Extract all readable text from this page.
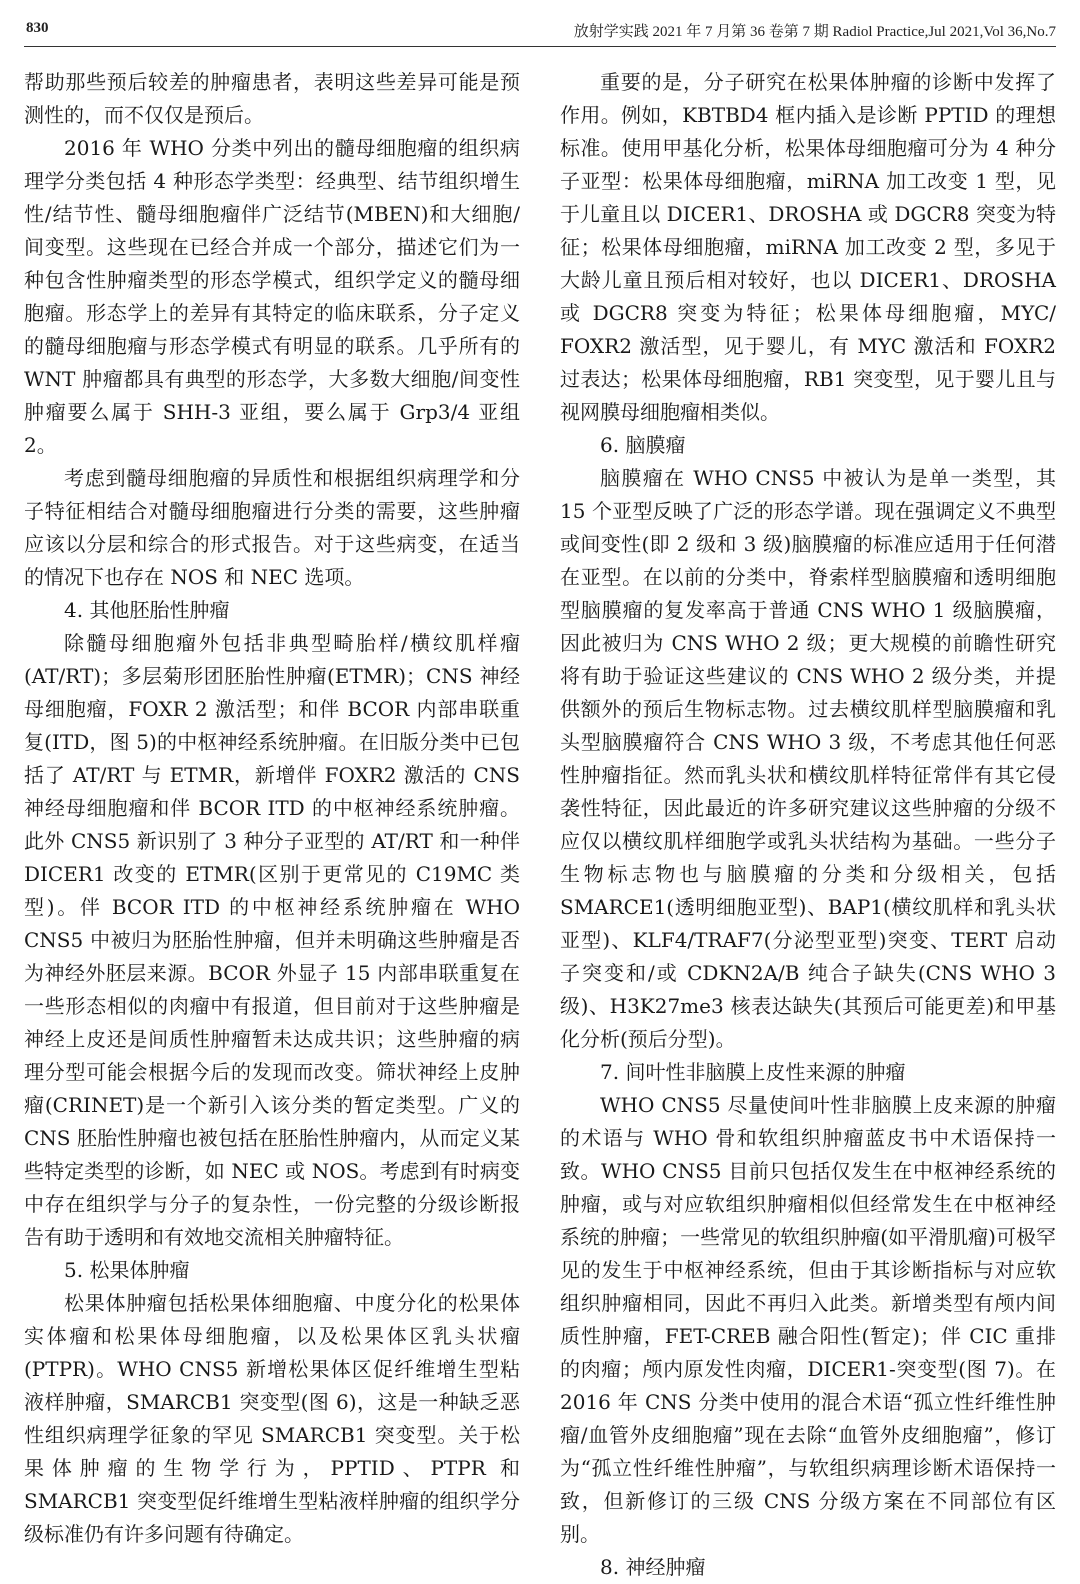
830	放射学实践 2021 年 7 月第 36 卷第 7 期 Radiol Practice,Jul 2021,Vol 36,No.7

帮助那些预后较差的肿瘤患者，表明这些差异可能是预测性的，而不仅仅是预后。

2016 年 WHO 分类中列出的髓母细胞瘤的组织病理学分类包括 4 种形态学类型：经典型、结节组织增生性/结节性、髓母细胞瘤伴广泛结节(MBEN)和大细胞/间变型。这些现在已经合并成一个部分，描述它们为一种包含性肿瘤类型的形态学模式，组织学定义的髓母细胞瘤。形态学上的差异有其特定的临床联系，分子定义的髓母细胞瘤与形态学模式有明显的联系。几乎所有的 WNT 肿瘤都具有典型的形态学，大多数大细胞/间变性肿瘤要么属于 SHH-3 亚组，要么属于 Grp3/4 亚组 2。

考虑到髓母细胞瘤的异质性和根据组织病理学和分子特征相结合对髓母细胞瘤进行分类的需要，这些肿瘤应该以分层和综合的形式报告。对于这些病变，在适当的情况下也存在 NOS 和 NEC 选项。

4. 其他胚胎性肿瘤

除髓母细胞瘤外包括非典型畸胎样/横纹肌样瘤(AT/RT)；多层菊形团胚胎性肿瘤(ETMR)；CNS 神经母细胞瘤，FOXR 2 激活型；和伴 BCOR 内部串联重复(ITD，图 5)的中枢神经系统肿瘤。在旧版分类中已包括了 AT/RT 与 ETMR，新增伴 FOXR2 激活的 CNS 神经母细胞瘤和伴 BCOR ITD 的中枢神经系统肿瘤。此外 CNS5 新识别了 3 种分子亚型的 AT/RT 和一种伴 DICER1 改变的 ETMR(区别于更常见的 C19MC 类型)。伴 BCOR ITD 的中枢神经系统肿瘤在 WHO CNS5 中被归为胚胎性肿瘤，但并未明确这些肿瘤是否为神经外胚层来源。BCOR 外显子 15 内部串联重复在一些形态相似的肉瘤中有报道，但目前对于这些肿瘤是神经上皮还是间质性肿瘤暂未达成共识；这些肿瘤的病理分型可能会根据今后的发现而改变。筛状神经上皮肿瘤(CRINET)是一个新引入该分类的暂定类型。广义的 CNS 胚胎性肿瘤也被包括在胚胎性肿瘤内，从而定义某些特定类型的诊断，如 NEC 或 NOS。考虑到有时病变中存在组织学与分子的复杂性，一份完整的分级诊断报告有助于透明和有效地交流相关肿瘤特征。

5. 松果体肿瘤

松果体肿瘤包括松果体细胞瘤、中度分化的松果体实体瘤和松果体母细胞瘤，以及松果体区乳头状瘤(PTPR)。WHO CNS5 新增松果体区促纤维增生型粘液样肿瘤，SMARCB1 突变型(图 6)，这是一种缺乏恶性组织病理学征象的罕见 SMARCB1 突变型。关于松果体肿瘤的生物学行为，PPTID、PTPR 和 SMARCB1 突变型促纤维增生型粘液样肿瘤的组织学分级标准仍有许多问题有待确定。

重要的是，分子研究在松果体肿瘤的诊断中发挥了作用。例如，KBTBD4 框内插入是诊断 PPTID 的理想标准。使用甲基化分析，松果体母细胞瘤可分为 4 种分子亚型：松果体母细胞瘤，miRNA 加工改变 1 型，见于儿童且以 DICER1、DROSHA 或 DGCR8 突变为特征；松果体母细胞瘤，miRNA 加工改变 2 型，多见于大龄儿童且预后相对较好，也以 DICER1、DROSHA 或 DGCR8 突变为特征；松果体母细胞瘤，MYC/ FOXR2 激活型，见于婴儿，有 MYC 激活和 FOXR2 过表达；松果体母细胞瘤，RB1 突变型，见于婴儿且与视网膜母细胞瘤相类似。

6. 脑膜瘤

脑膜瘤在 WHO CNS5 中被认为是单一类型，其 15 个亚型反映了广泛的形态学谱。现在强调定义不典型或间变性(即 2 级和 3 级)脑膜瘤的标准应适用于任何潜在亚型。在以前的分类中，脊索样型脑膜瘤和透明细胞型脑膜瘤的复发率高于普通 CNS WHO 1 级脑膜瘤，因此被归为 CNS WHO 2 级；更大规模的前瞻性研究将有助于验证这些建议的 CNS WHO 2 级分类，并提供额外的预后生物标志物。过去横纹肌样型脑膜瘤和乳头型脑膜瘤符合 CNS WHO 3 级，不考虑其他任何恶性肿瘤指征。然而乳头状和横纹肌样特征常伴有其它侵袭性特征，因此最近的许多研究建议这些肿瘤的分级不应仅以横纹肌样细胞学或乳头状结构为基础。一些分子生物标志物也与脑膜瘤的分类和分级相关，包括 SMARCE1(透明细胞亚型)、BAP1(横纹肌样和乳头状亚型)、KLF4/TRAF7(分泌型亚型)突变、TERT 启动子突变和/或 CDKN2A/B 纯合子缺失(CNS WHO 3 级)、H3K27me3 核表达缺失(其预后可能更差)和甲基化分析(预后分型)。

7. 间叶性非脑膜上皮性来源的肿瘤

WHO CNS5 尽量使间叶性非脑膜上皮来源的肿瘤的术语与 WHO 骨和软组织肿瘤蓝皮书中术语保持一致。WHO CNS5 目前只包括仅发生在中枢神经系统的肿瘤，或与对应软组织肿瘤相似但经常发生在中枢神经系统的肿瘤；一些常见的软组织肿瘤(如平滑肌瘤)可极罕见的发生于中枢神经系统，但由于其诊断指标与对应软组织肿瘤相同，因此不再归入此类。新增类型有颅内间质性肿瘤，FET-CREB 融合阳性(暂定)；伴 CIC 重排的肉瘤；颅内原发性肉瘤，DICER1-突变型(图 7)。在 2016 年 CNS 分类中使用的混合术语“孤立性纤维性肿瘤/血管外皮细胞瘤”现在去除“血管外皮细胞瘤”，修订为“孤立性纤维性肿瘤”，与软组织病理诊断术语保持一致，但新修订的三级 CNS 分级方案在不同部位有区别。

8. 神经肿瘤
